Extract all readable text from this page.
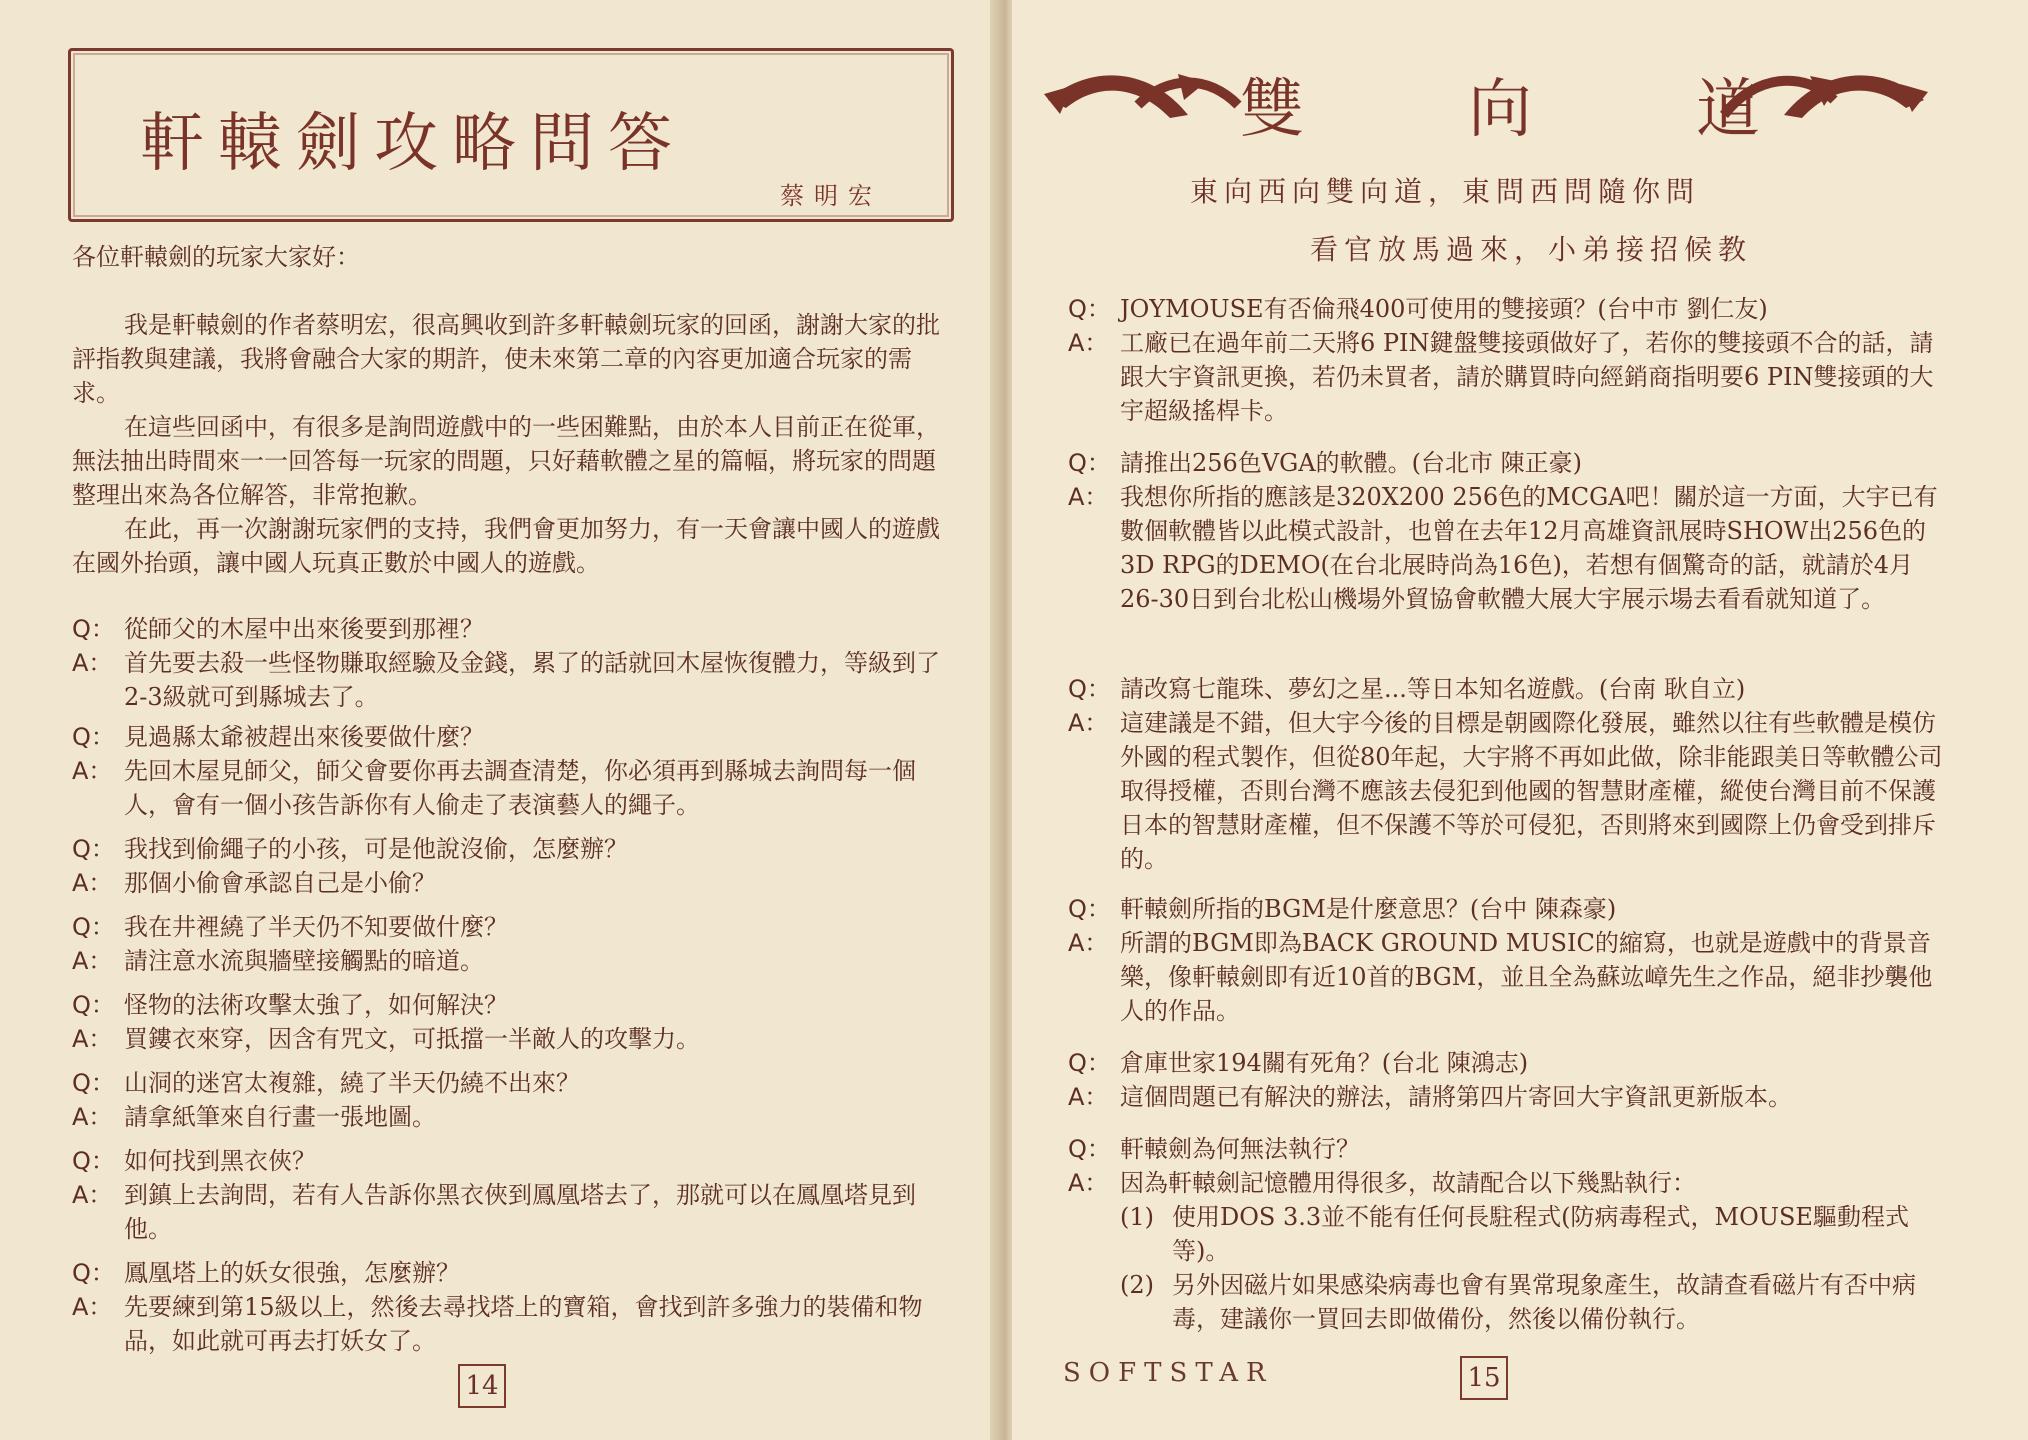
軒轅劍攻略問答
蔡明宏
各位軒轅劍的玩家大家好：
我是軒轅劍的作者蔡明宏，很高興收到許多軒轅劍玩家的回函，謝謝大家的批評指教與建議，我將會融合大家的期許，使未來第二章的內容更加適合玩家的需求。
在這些回函中，有很多是詢問遊戲中的一些困難點，由於本人目前正在從軍，無法抽出時間來一一回答每一玩家的問題，只好藉軟體之星的篇幅，將玩家的問題整理出來為各位解答，非常抱歉。
在此，再一次謝謝玩家們的支持，我們會更加努力，有一天會讓中國人的遊戲在國外抬頭，讓中國人玩真正數於中國人的遊戲。
Q： 從師父的木屋中出來後要到那裡？
A： 首先要去殺一些怪物賺取經驗及金錢，累了的話就回木屋恢復體力，等級到了2-3級就可到縣城去了。
Q： 見過縣太爺被趕出來後要做什麼？
A： 先回木屋見師父，師父會要你再去調查清楚，你必須再到縣城去詢問每一個人，會有一個小孩告訴你有人偷走了表演藝人的繩子。
Q： 我找到偷繩子的小孩，可是他說沒偷，怎麼辦？
A： 那個小偷會承認自己是小偷？
Q： 我在井裡繞了半天仍不知要做什麼？
A： 請注意水流與牆壁接觸點的暗道。
Q： 怪物的法術攻擊太強了，如何解決？
A： 買鏤衣來穿，因含有咒文，可抵擋一半敵人的攻擊力。
Q： 山洞的迷宮太複雜，繞了半天仍繞不出來？
A： 請拿紙筆來自行畫一張地圖。
Q： 如何找到黑衣俠？
A： 到鎮上去詢問，若有人告訴你黑衣俠到鳳凰塔去了，那就可以在鳳凰塔見到他。
Q： 鳳凰塔上的妖女很強，怎麼辦？
A： 先要練到第15級以上，然後去尋找塔上的寶箱，會找到許多強力的裝備和物品，如此就可再去打妖女了。
14
雙	向	道
東向西向雙向道，東問西問隨你問
看官放馬過來，小弟接招候教
Q： JOYMOUSE有否倫飛400可使用的雙接頭？(台中市 劉仁友)
A： 工廠已在過年前二天將6 PIN鍵盤雙接頭做好了，若你的雙接頭不合的話，請跟大宇資訊更換，若仍未買者，請於購買時向經銷商指明要6 PIN雙接頭的大宇超級搖桿卡。
Q： 請推出256色VGA的軟體。(台北市 陳正豪)
A： 我想你所指的應該是320X200 256色的MCGA吧！關於這一方面，大宇已有數個軟體皆以此模式設計，也曾在去年12月高雄資訊展時SHOW出256色的3D RPG的DEMO(在台北展時尚為16色)，若想有個驚奇的話，就請於4月26-30日到台北松山機場外貿協會軟體大展大宇展示場去看看就知道了。
Q： 請改寫七龍珠、夢幻之星...等日本知名遊戲。(台南 耿自立)
A： 這建議是不錯，但大宇今後的目標是朝國際化發展，雖然以往有些軟體是模仿外國的程式製作，但從80年起，大宇將不再如此做，除非能跟美日等軟體公司取得授權，否則台灣不應該去侵犯到他國的智慧財產權，縱使台灣目前不保護日本的智慧財產權，但不保護不等於可侵犯，否則將來到國際上仍會受到排斥的。
Q： 軒轅劍所指的BGM是什麼意思？(台中 陳森豪)
A： 所謂的BGM即為BACK GROUND MUSIC的縮寫，也就是遊戲中的背景音樂，像軒轅劍即有近10首的BGM，並且全為蘇竑嶂先生之作品，絕非抄襲他人的作品。
Q： 倉庫世家194關有死角？(台北 陳鴻志)
A： 這個問題已有解決的辦法，請將第四片寄回大宇資訊更新版本。
Q： 軒轅劍為何無法執行？
A： 因為軒轅劍記憶體用得很多，故請配合以下幾點執行：
(1) 使用DOS 3.3並不能有任何長駐程式(防病毒程式，MOUSE驅動程式等)。
(2) 另外因磁片如果感染病毒也會有異常現象產生，故請查看磁片有否中病毒，建議你一買回去即做備份，然後以備份執行。
SOFTSTAR	15
